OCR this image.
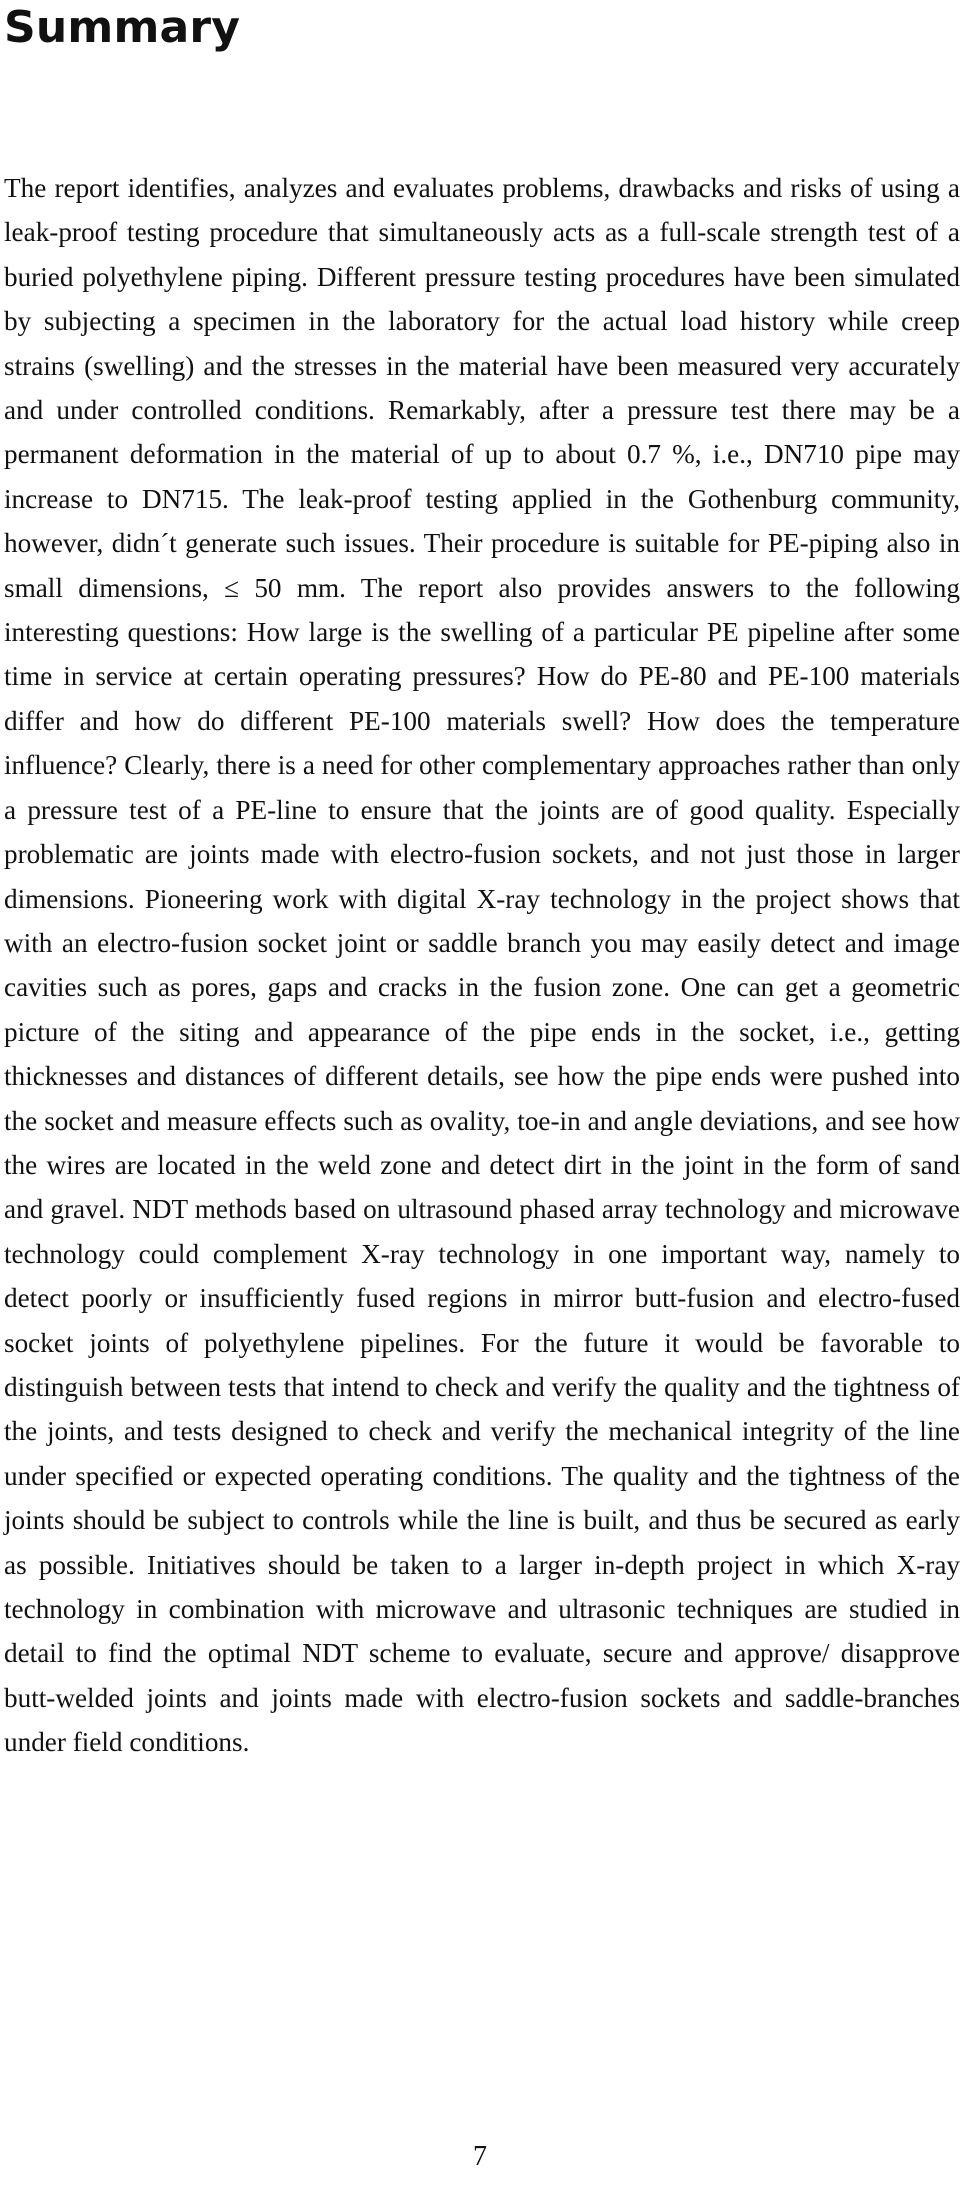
Summary

The report identifies, analyzes and evaluates problems, drawbacks and risks of using a leak-proof testing procedure that simultaneously acts as a full-scale strength test of a buried polyethylene piping. Different pressure testing procedures have been simulated by subjecting a specimen in the laboratory for the actual load history while creep strains (swelling) and the stresses in the material have been measured very accurately and under controlled conditions. Remarkably, after a pressure test there may be a permanent deformation in the material of up to about 0.7 %, i.e., DN710 pipe may increase to DN715. The leak-proof testing applied in the Gothenburg community, however, didn´t generate such issues. Their procedure is suitable for PE-piping also in small dimensions, ≤ 50 mm. The report also provides answers to the following interesting questions: How large is the swelling of a particular PE pipeline after some time in service at certain operating pressures? How do PE-80 and PE-100 materials differ and how do different PE-100 materials swell? How does the temperature influence? Clearly, there is a need for other complementary approaches rather than only a pressure test of a PE-line to ensure that the joints are of good quality. Especially problematic are joints made with electro-fusion sockets, and not just those in larger dimensions. Pioneering work with digital X-ray technology in the project shows that with an electro-fusion socket joint or saddle branch you may easily detect and image cavities such as pores, gaps and cracks in the fusion zone. One can get a geometric picture of the siting and appearance of the pipe ends in the socket, i.e., getting thicknesses and distances of different details, see how the pipe ends were pushed into the socket and measure effects such as ovality, toe-in and angle deviations, and see how the wires are located in the weld zone and detect dirt in the joint in the form of sand and gravel. NDT methods based on ultrasound phased array technology and microwave technology could complement X-ray technology in one important way, namely to detect poorly or insufficiently fused regions in mirror butt-fusion and electro-fused socket joints of polyethylene pipelines. For the future it would be favorable to distinguish between tests that intend to check and verify the quality and the tightness of the joints, and tests designed to check and verify the mechanical integrity of the line under specified or expected operating conditions. The quality and the tightness of the joints should be subject to controls while the line is built, and thus be secured as early as possible. Initiatives should be taken to a larger in-depth project in which X-ray technology in combination with microwave and ultrasonic techniques are studied in detail to find the optimal NDT scheme to evaluate, secure and approve/ disapprove butt-welded joints and joints made with electro-fusion sockets and saddle-branches under field conditions.

7
